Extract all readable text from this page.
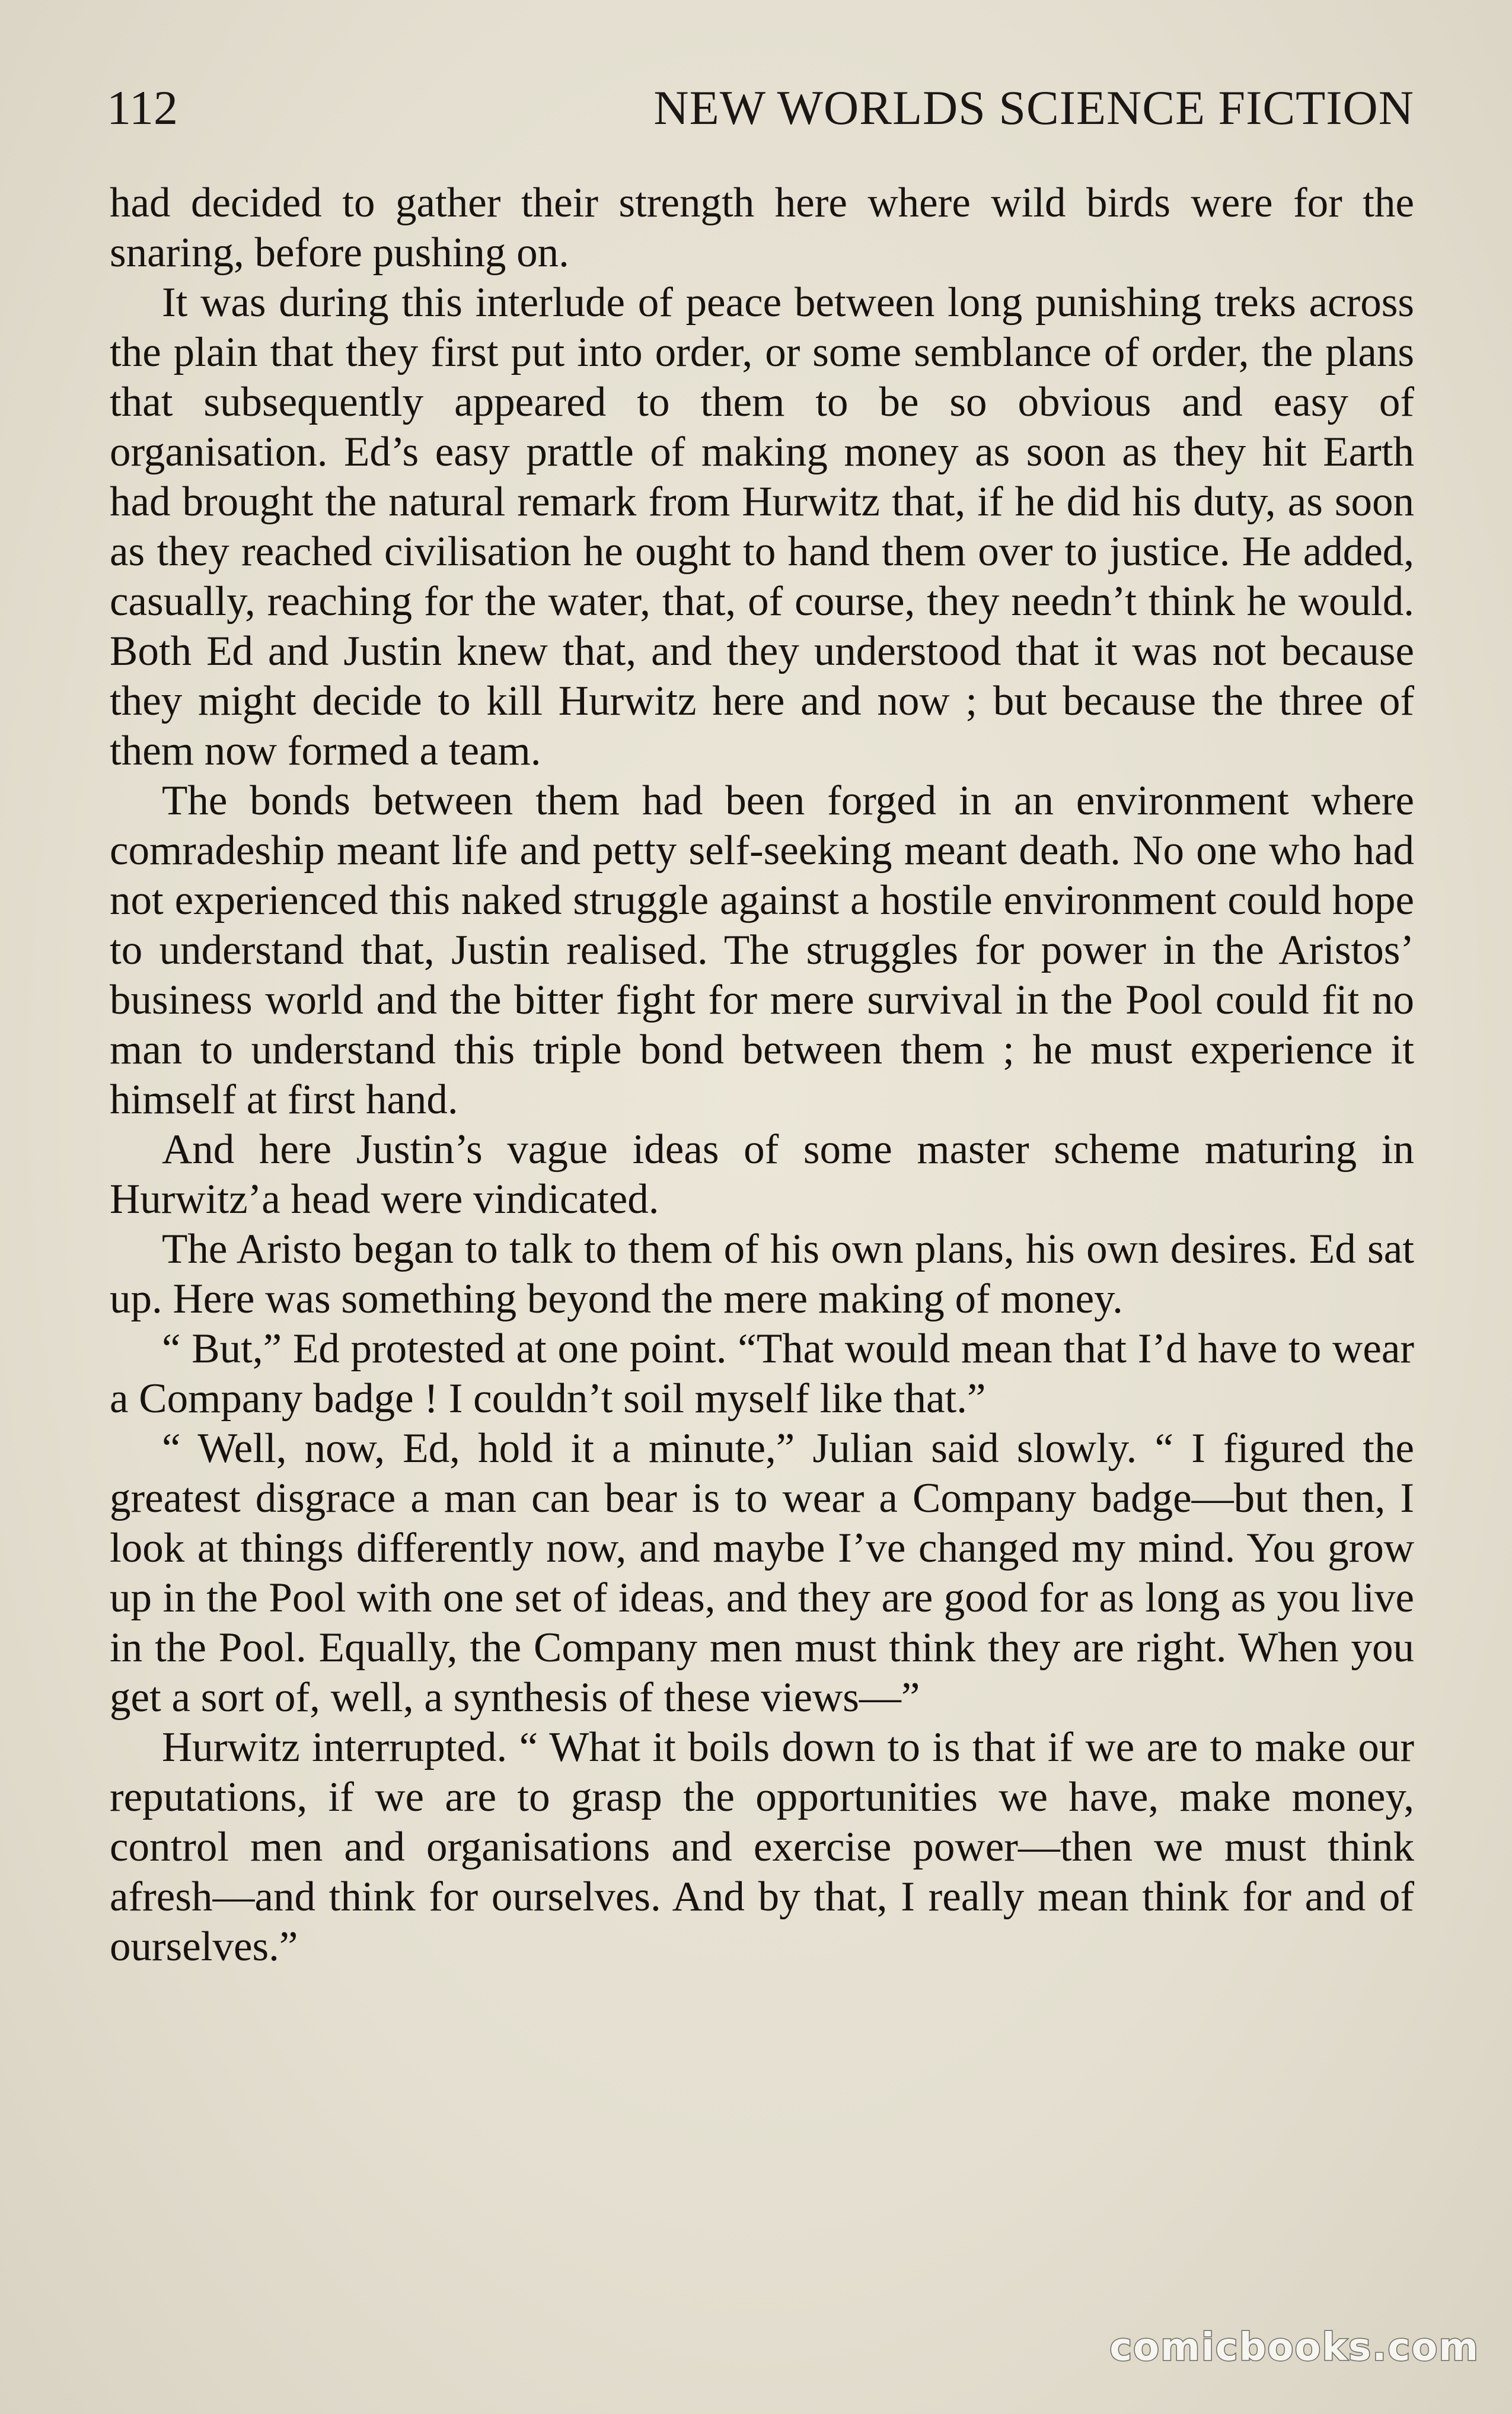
112	NEW WORLDS SCIENCE FICTION

had decided to gather their strength here where wild birds were for the snaring, before pushing on.

It was during this interlude of peace between long punishing treks across the plain that they first put into order, or some semblance of order, the plans that subsequently appeared to them to be so obvious and easy of organisation. Ed’s easy prattle of making money as soon as they hit Earth had brought the natural remark from Hurwitz that, if he did his duty, as soon as they reached civilisation he ought to hand them over to justice. He added, casually, reaching for the water, that, of course, they needn’t think he would. Both Ed and Justin knew that, and they understood that it was not because they might decide to kill Hurwitz here and now ; but because the three of them now formed a team.

The bonds between them had been forged in an environment where comradeship meant life and petty self-seeking meant death. No one who had not experienced this naked struggle against a hostile environment could hope to understand that, Justin realised. The struggles for power in the Aristos’ business world and the bitter fight for mere survival in the Pool could fit no man to understand this triple bond between them ; he must experience it himself at first hand.

And here Justin’s vague ideas of some master scheme maturing in Hurwitz’a head were vindicated.

The Aristo began to talk to them of his own plans, his own desires. Ed sat up. Here was something beyond the mere making of money.

“ But,” Ed protested at one point. “That would mean that I’d have to wear a Company badge ! I couldn’t soil myself like that.”

“ Well, now, Ed, hold it a minute,” Julian said slowly. “ I figured the greatest disgrace a man can bear is to wear a Company badge—but then, I look at things differently now, and maybe I’ve changed my mind. You grow up in the Pool with one set of ideas, and they are good for as long as you live in the Pool. Equally, the Company men must think they are right. When you get a sort of, well, a synthesis of these views—”

Hurwitz interrupted. “ What it boils down to is that if we are to make our reputations, if we are to grasp the opportunities we have, make money, control men and organisations and exercise power—then we must think afresh—and think for ourselves. And by that, I really mean think for and of ourselves.”

comicbooks.com
